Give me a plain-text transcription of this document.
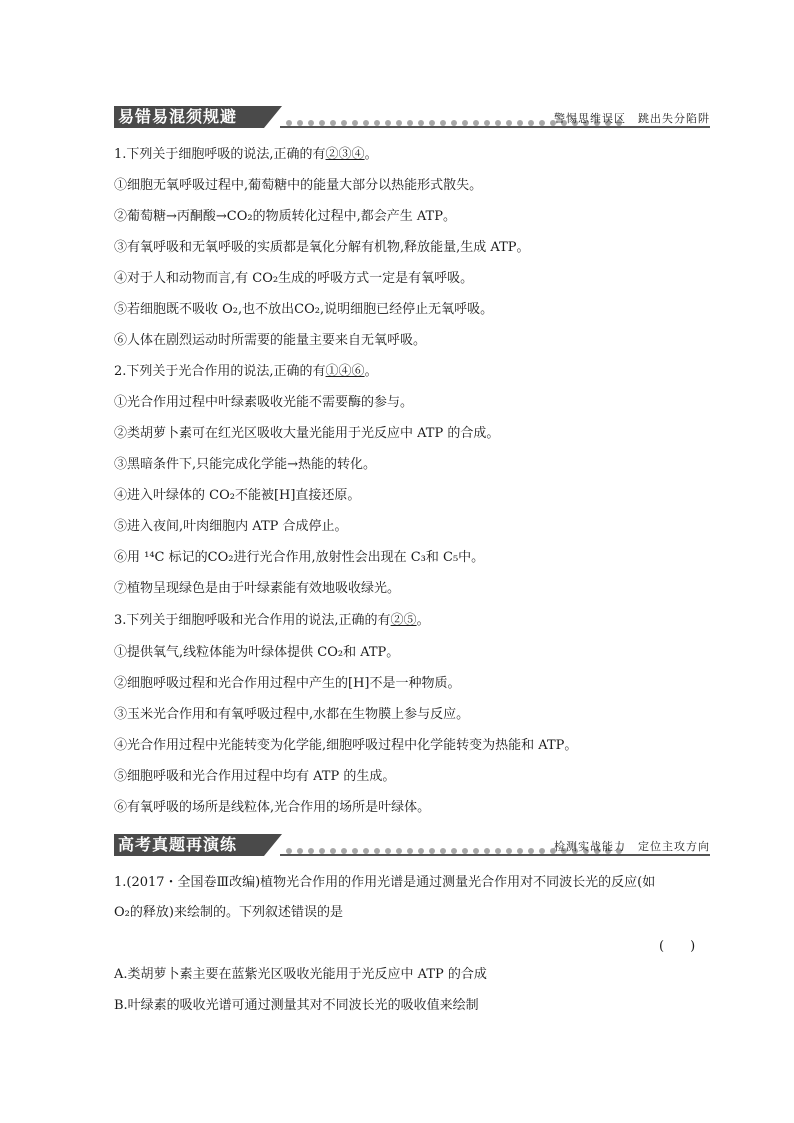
易错易混须规避	警惕思维误区　跳出失分陷阱
1.下列关于细胞呼吸的说法,正确的有②③④。
①细胞无氧呼吸过程中,葡萄糖中的能量大部分以热能形式散失。
②葡萄糖→丙酮酸→CO₂的物质转化过程中,都会产生 ATP。
③有氧呼吸和无氧呼吸的实质都是氧化分解有机物,释放能量,生成 ATP。
④对于人和动物而言,有 CO₂生成的呼吸方式一定是有氧呼吸。
⑤若细胞既不吸收 O₂,也不放出CO₂,说明细胞已经停止无氧呼吸。
⑥人体在剧烈运动时所需要的能量主要来自无氧呼吸。
2.下列关于光合作用的说法,正确的有①④⑥。
①光合作用过程中叶绿素吸收光能不需要酶的参与。
②类胡萝卜素可在红光区吸收大量光能用于光反应中 ATP 的合成。
③黑暗条件下,只能完成化学能→热能的转化。
④进入叶绿体的 CO₂不能被[H]直接还原。
⑤进入夜间,叶肉细胞内 ATP 合成停止。
⑥用 ¹⁴C 标记的CO₂进行光合作用,放射性会出现在 C₃和 C₅中。
⑦植物呈现绿色是由于叶绿素能有效地吸收绿光。
3.下列关于细胞呼吸和光合作用的说法,正确的有②⑤。
①提供氧气,线粒体能为叶绿体提供 CO₂和 ATP。
②细胞呼吸过程和光合作用过程中产生的[H]不是一种物质。
③玉米光合作用和有氧呼吸过程中,水都在生物膜上参与反应。
④光合作用过程中光能转变为化学能,细胞呼吸过程中化学能转变为热能和 ATP。
⑤细胞呼吸和光合作用过程中均有 ATP 的生成。
⑥有氧呼吸的场所是线粒体,光合作用的场所是叶绿体。
高考真题再演练	检测实战能力　定位主攻方向
1.(2017・全国卷Ⅲ改编)植物光合作用的作用光谱是通过测量光合作用对不同波长光的反应(如
O₂的释放)来绘制的。下列叙述错误的是
(　　)
A.类胡萝卜素主要在蓝紫光区吸收光能用于光反应中 ATP 的合成
B.叶绿素的吸收光谱可通过测量其对不同波长光的吸收值来绘制
